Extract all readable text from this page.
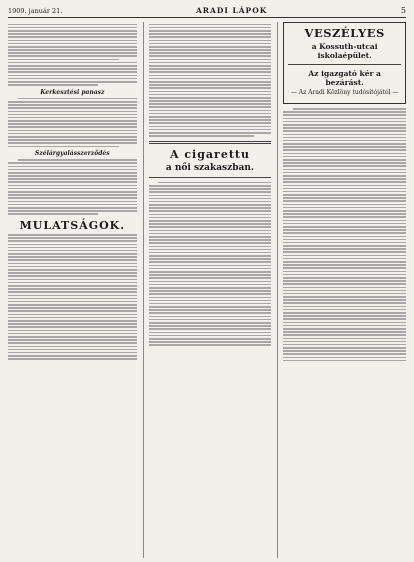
1909. január 21.	ARADI LÁPOK	5
Kerkesztési panasz
Szélárgyalásszerződés
MULATSÁGOK.
A cigarettu
a női szakaszban.
VESZÉLYES
a Kossuth-utcai iskolaépület.
Az igazgató kér a bezárást.
— Az Aradi Közlöny tudósítójától —
